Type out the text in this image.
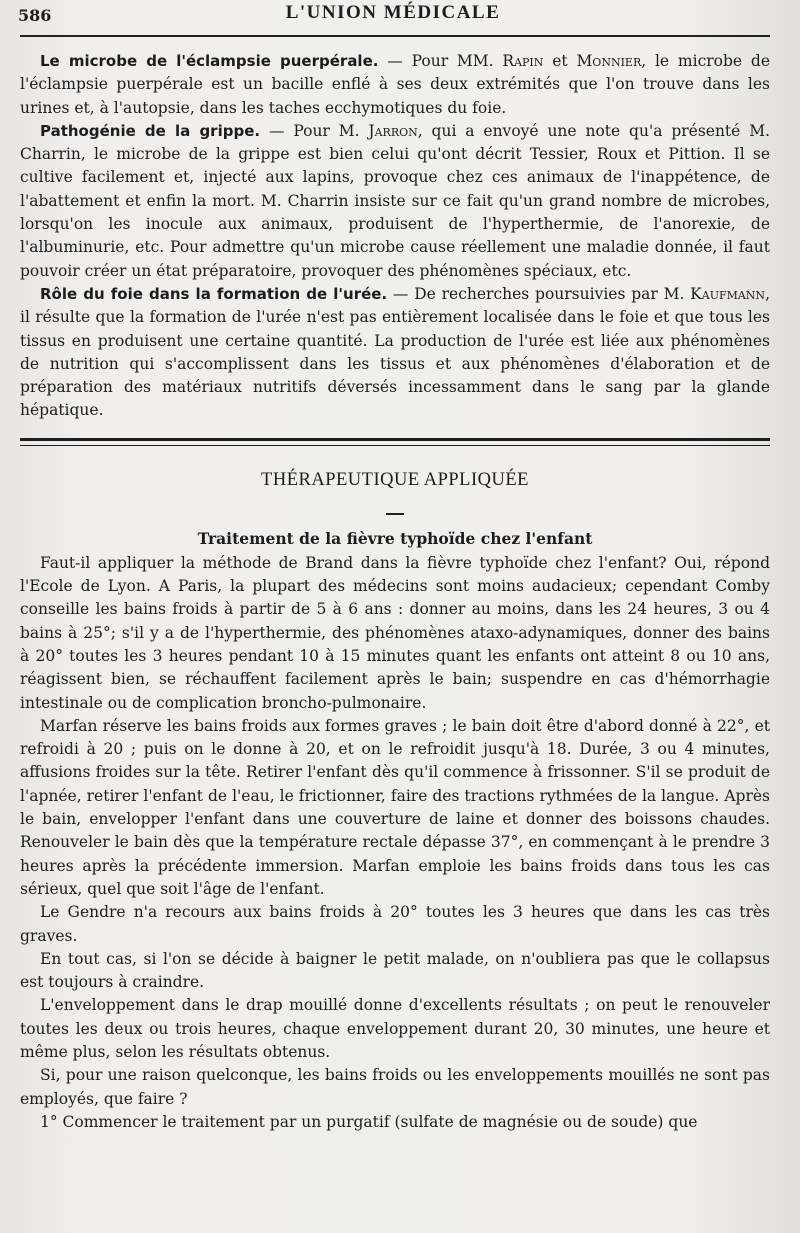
586	L'UNION MÉDICALE

Le microbe de l'éclampsie puerpérale. — Pour MM. Rapin et Monnier, le microbe de l'éclampsie puerpérale est un bacille enflé à ses deux extrémités que l'on trouve dans les urines et, à l'autopsie, dans les taches ecchymotiques du foie.

Pathogénie de la grippe. — Pour M. Jarron, qui a envoyé une note qu'a présenté M. Charrin, le microbe de la grippe est bien celui qu'ont décrit Tessier, Roux et Pittion. Il se cultive facilement et, injecté aux lapins, provoque chez ces animaux de l'inappétence, de l'abattement et enfin la mort. M. Charrin insiste sur ce fait qu'un grand nombre de microbes, lorsqu'on les inocule aux animaux, produisent de l'hyperthermie, de l'anorexie, de l'albuminurie, etc. Pour admettre qu'un microbe cause réellement une maladie donnée, il faut pouvoir créer un état préparatoire, provoquer des phénomènes spéciaux, etc.

Rôle du foie dans la formation de l'urée. — De recherches poursuivies par M. Kaufmann, il résulte que la formation de l'urée n'est pas entièrement localisée dans le foie et que tous les tissus en produisent une certaine quantité. La production de l'urée est liée aux phénomènes de nutrition qui s'accomplissent dans les tissus et aux phénomènes d'élaboration et de préparation des matériaux nutritifs déversés incessamment dans le sang par la glande hépatique.

THÉRAPEUTIQUE APPLIQUÉE
Traitement de la fièvre typhoïde chez l'enfant

Faut-il appliquer la méthode de Brand dans la fièvre typhoïde chez l'enfant? Oui, répond l'Ecole de Lyon. A Paris, la plupart des médecins sont moins audacieux; cependant Comby conseille les bains froids à partir de 5 à 6 ans : donner au moins, dans les 24 heures, 3 ou 4 bains à 25°; s'il y a de l'hyperthermie, des phénomènes ataxo-adynamiques, donner des bains à 20° toutes les 3 heures pendant 10 à 15 minutes quant les enfants ont atteint 8 ou 10 ans, réagissent bien, se réchauffent facilement après le bain; suspendre en cas d'hémorrhagie intestinale ou de complication broncho-pulmonaire.

Marfan réserve les bains froids aux formes graves ; le bain doit être d'abord donné à 22°, et refroidi à 20 ; puis on le donne à 20, et on le refroidit jusqu'à 18. Durée, 3 ou 4 minutes, affusions froides sur la tête. Retirer l'enfant dès qu'il commence à frissonner. S'il se produit de l'apnée, retirer l'enfant de l'eau, le frictionner, faire des tractions rythmées de la langue. Après le bain, envelopper l'enfant dans une couverture de laine et donner des boissons chaudes. Renouveler le bain dès que la température rectale dépasse 37°, en commençant à le prendre 3 heures après la précédente immersion. Marfan emploie les bains froids dans tous les cas sérieux, quel que soit l'âge de l'enfant.

Le Gendre n'a recours aux bains froids à 20° toutes les 3 heures que dans les cas très graves.

En tout cas, si l'on se décide à baigner le petit malade, on n'oubliera pas que le collapsus est toujours à craindre.

L'enveloppement dans le drap mouillé donne d'excellents résultats ; on peut le renouveler toutes les deux ou trois heures, chaque enveloppement durant 20, 30 minutes, une heure et même plus, selon les résultats obtenus.

Si, pour une raison quelconque, les bains froids ou les enveloppements mouillés ne sont pas employés, que faire ?

1° Commencer le traitement par un purgatif (sulfate de magnésie ou de soude) que
